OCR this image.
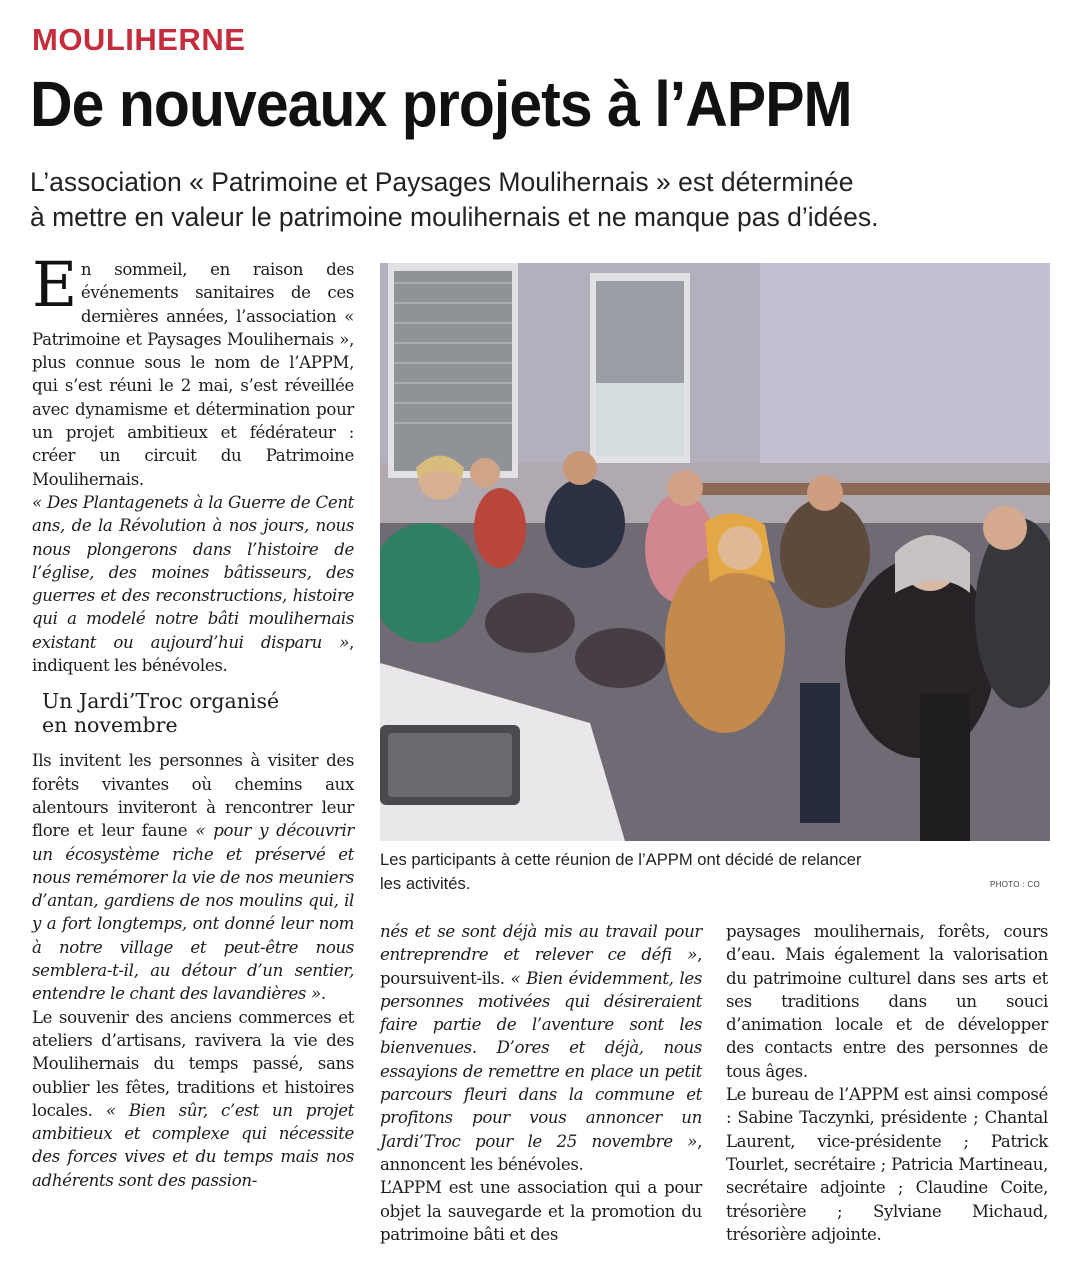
MOULIHERNE
De nouveaux projets à l’APPM
L’association « Patrimoine et Paysages Moulihernais » est déterminée
à mettre en valeur le patrimoine moulihernais et ne manque pas d’idées.

En sommeil, en raison des événements sanitaires de ces dernières années, l’association « Patrimoine et Paysages Moulihernais », plus connue sous le nom de l’APPM, qui s’est réuni le 2 mai, s’est réveillée avec dynamisme et détermination pour un projet ambitieux et fédérateur : créer un circuit du Patrimoine Moulihernais.

« Des Plantagenets à la Guerre de Cent ans, de la Révolution à nos jours, nous nous plongerons dans l’histoire de l’église, des moines bâtisseurs, des guerres et des reconstructions, histoire qui a modelé notre bâti moulihernais existant ou aujourd’hui disparu », indiquent les bénévoles.

Un Jardi’Troc organisé
en novembre

Ils invitent les personnes à visiter des forêts vivantes où chemins aux alentours inviteront à rencontrer leur flore et leur faune « pour y découvrir un écosystème riche et préservé et nous remémorer la vie de nos meuniers d’antan, gardiens de nos moulins qui, il y a fort longtemps, ont donné leur nom à notre village et peut-être nous semblera-t-il, au détour d’un sentier, entendre le chant des lavandières ».

Le souvenir des anciens commerces et ateliers d’artisans, ravivera la vie des Moulihernais du temps passé, sans oublier les fêtes, traditions et histoires locales. « Bien sûr, c’est un projet ambitieux et complexe qui nécessite des forces vives et du temps mais nos adhérents sont des passion-

Les participants à cette réunion de l’APPM ont décidé de relancer
les activités.	PHOTO : CO

nés et se sont déjà mis au travail pour entreprendre et relever ce défi », poursuivent-ils. « Bien évidemment, les personnes motivées qui désireraient faire partie de l’aventure sont les bienvenues. D’ores et déjà, nous essayions de remettre en place un petit parcours fleuri dans la commune et profitons pour vous annoncer un Jardi’Troc pour le 25 novembre », annoncent les bénévoles.

L’APPM est une association qui a pour objet la sauvegarde et la promotion du patrimoine bâti et des

paysages moulihernais, forêts, cours d’eau. Mais également la valorisation du patrimoine culturel dans ses arts et ses traditions dans un souci d’animation locale et de développer des contacts entre des personnes de tous âges.

Le bureau de l’APPM est ainsi composé : Sabine Taczynki, présidente ; Chantal Laurent, vice-présidente ; Patrick Tourlet, secrétaire ; Patricia Martineau, secrétaire adjointe ; Claudine Coite, trésorière ; Sylviane Michaud, trésorière adjointe.
